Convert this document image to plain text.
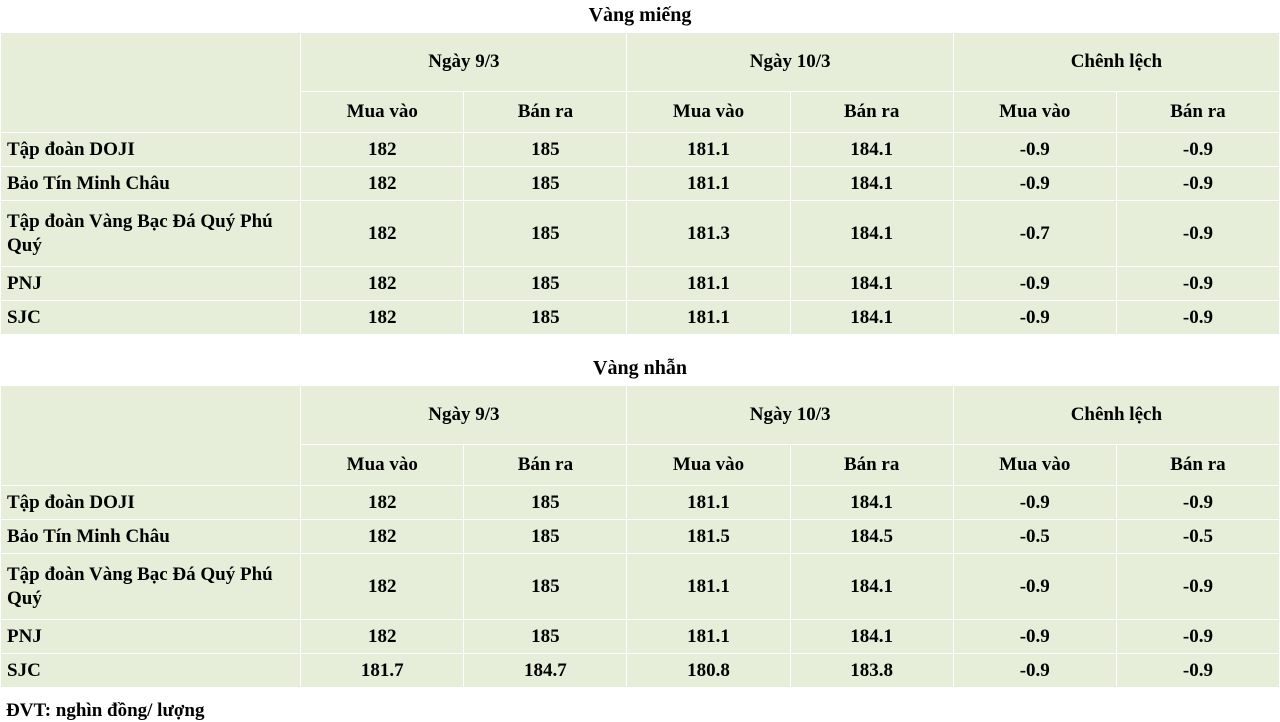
Vàng miếng
	Ngày 9/3		Ngày 10/3		Chênh lệch	
	Mua vào	Bán ra	Mua vào	Bán ra	Mua vào	Bán ra
Tập đoàn DOJI	182	185	181.1	184.1	-0.9	-0.9
Bảo Tín Minh Châu	182	185	181.1	184.1	-0.9	-0.9
Tập đoàn Vàng Bạc Đá Quý Phú Quý	182	185	181.3	184.1	-0.7	-0.9
PNJ	182	185	181.1	184.1	-0.9	-0.9
SJC	182	185	181.1	184.1	-0.9	-0.9
Vàng nhẫn
	Ngày 9/3		Ngày 10/3		Chênh lệch	
	Mua vào	Bán ra	Mua vào	Bán ra	Mua vào	Bán ra
Tập đoàn DOJI	182	185	181.1	184.1	-0.9	-0.9
Bảo Tín Minh Châu	182	185	181.5	184.5	-0.5	-0.5
Tập đoàn Vàng Bạc Đá Quý Phú Quý	182	185	181.1	184.1	-0.9	-0.9
PNJ	182	185	181.1	184.1	-0.9	-0.9
SJC	181.7	184.7	180.8	183.8	-0.9	-0.9
ĐVT: nghìn đồng/ lượng
